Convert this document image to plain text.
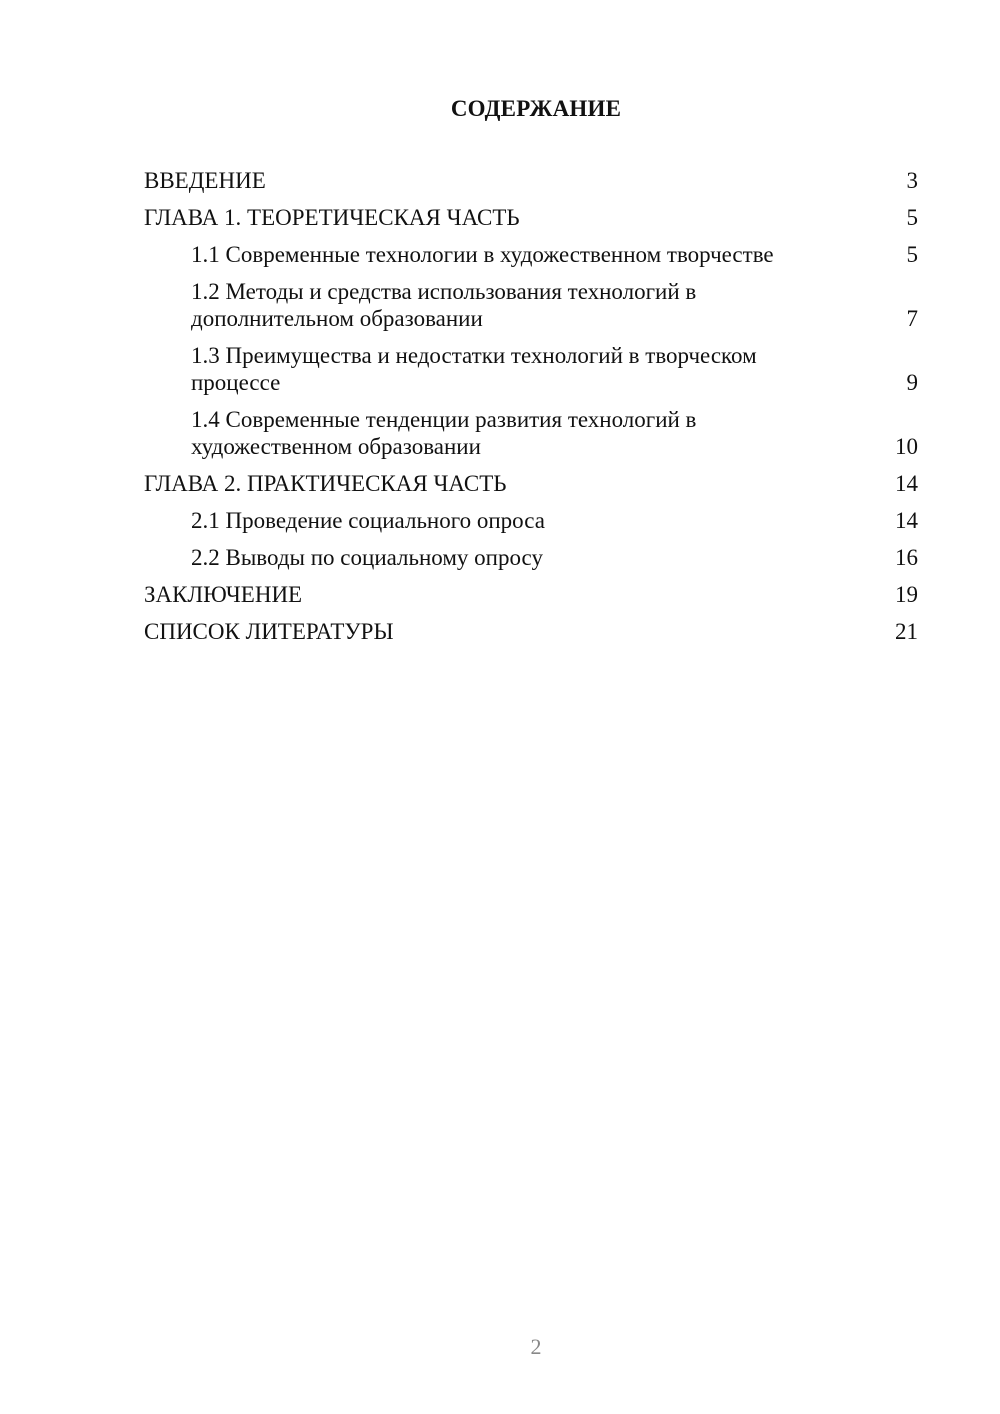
СОДЕРЖАНИЕ
ВВЕДЕНИЕ	3
ГЛАВА 1. ТЕОРЕТИЧЕСКАЯ ЧАСТЬ	5
1.1 Современные технологии в художественном творчестве	5
1.2 Методы и средства использования технологий в дополнительном образовании	7
1.3 Преимущества и недостатки технологий в творческом процессе	9
1.4 Современные тенденции развития технологий в художественном образовании	10
ГЛАВА 2. ПРАКТИЧЕСКАЯ ЧАСТЬ	14
2.1 Проведение социального опроса	14
2.2 Выводы по социальному опросу	16
ЗАКЛЮЧЕНИЕ	19
СПИСОК ЛИТЕРАТУРЫ	21
2
